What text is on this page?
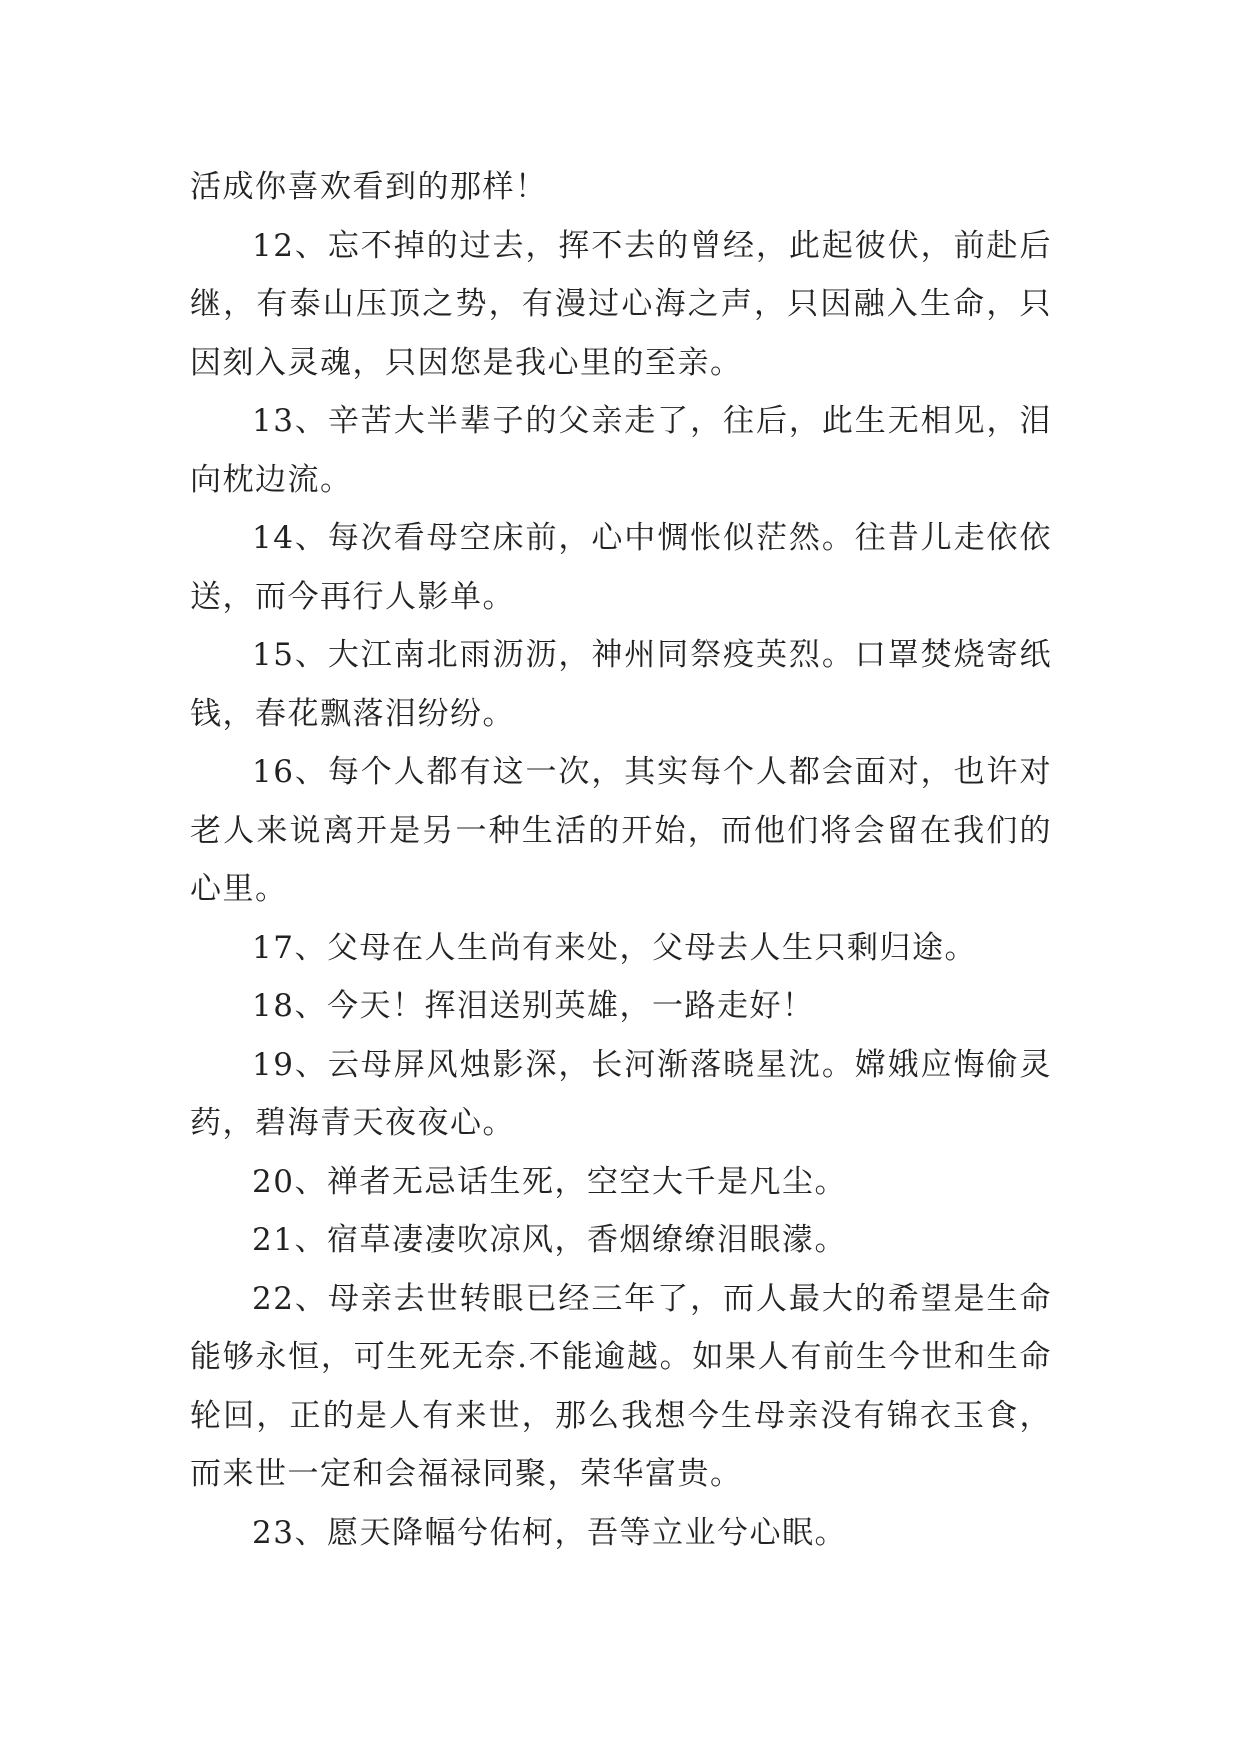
活成你喜欢看到的那样！

12、忘不掉的过去，挥不去的曾经，此起彼伏，前赴后继，有泰山压顶之势，有漫过心海之声，只因融入生命，只因刻入灵魂，只因您是我心里的至亲。

13、辛苦大半辈子的父亲走了，往后，此生无相见，泪向枕边流。

14、每次看母空床前，心中惆怅似茫然。往昔儿走依依送，而今再行人影单。

15、大江南北雨沥沥，神州同祭疫英烈。口罩焚烧寄纸钱，春花飘落泪纷纷。

16、每个人都有这一次，其实每个人都会面对，也许对老人来说离开是另一种生活的开始，而他们将会留在我们的心里。

17、父母在人生尚有来处，父母去人生只剩归途。

18、今天！挥泪送别英雄，一路走好！

19、云母屏风烛影深，长河渐落晓星沈。嫦娥应悔偷灵药，碧海青天夜夜心。

20、禅者无忌话生死，空空大千是凡尘。

21、宿草凄凄吹凉风，香烟缭缭泪眼濛。

22、母亲去世转眼已经三年了，而人最大的希望是生命能够永恒，可生死无奈.不能逾越。如果人有前生今世和生命轮回，正的是人有来世，那么我想今生母亲没有锦衣玉食，而来世一定和会福禄同聚，荣华富贵。

23、愿天降幅兮佑柯，吾等立业兮心眠。
